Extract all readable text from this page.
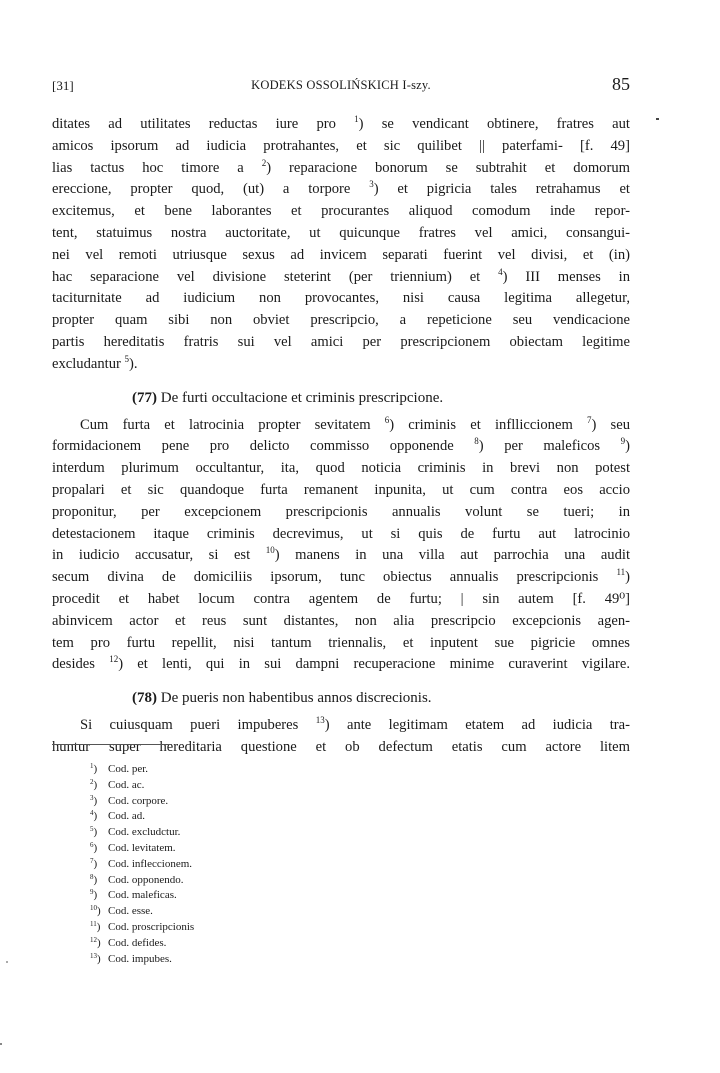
[31]	KODEKS OSSOLIŃSKICH I-szy.	85
ditates ad utilitates reductas iure pro $^1$) se vendicant obtinere, fratres aut
amicos ipsorum ad iudicia protrahantes, et sic quilibet || paterfami- [f. 49]
lias tactus hoc timore a $^2$) reparacione bonorum se subtrahit et domorum
ereccione, propter quod, (ut) a torpore $^3$) et pigricia tales retrahamus et
excitemus, et bene laborantes et procurantes aliquod comodum inde repor-
tent, statuimus nostra auctoritate, ut quicunque fratres vel amici, consangui-
nei vel remoti utriusque sexus ad invicem separati fuerint vel divisi, et (in)
hac separacione vel divisione steterint (per triennium) et $^4$) III menses in
taciturnitate ad iudicium non provocantes, nisi causa legitima allegetur,
propter quam sibi non obviet prescripcio, a repeticione seu vendicacione
partis hereditatis fratris sui vel amici per prescripcionem obiectam legitime
excludantur $^5$).
(77) De furti occultacione et criminis prescripcione.
Cum furta et latrocinia propter sevitatem $^6$) criminis et inflliccionem $^7$) seu
formidacionem pene pro delicto commisso opponende $^8$) per maleficos $^9$)
interdum plurimum occultantur, ita, quod noticia criminis in brevi non potest
propalari et sic quandoque furta remanent inpunita, ut cum contra eos accio
proponitur, per excepcionem prescripcionis annualis volunt se tueri; in
detestacionem itaque criminis decrevimus, ut si quis de furtu aut latrocinio
in iudicio accusatur, si est $^{10}$) manens in una villa aut parrochia una audit
secum divina de domiciliis ipsorum, tunc obiectus annualis prescripcionis $^{11}$)
procedit et habet locum contra agentem de furtu; | sin autem [f. 49⁰]
abinvicem actor et reus sunt distantes, non alia prescripcio excepcionis agen-
tem pro furtu repellit, nisi tantum triennalis, et inputent sue pigricie omnes
desides $^{12}$) et lenti, qui in sui dampni recuperacione minime curaverint vigilare.
(78) De pueris non habentibus annos discrecionis.
Si cuiusquam pueri impuberes $^{13}$) ante legitimam etatem ad iudicia tra-
huntur super hereditaria questione et ob defectum etatis cum actore litem
$^1$) Cod. per.
$^2$) Cod. ac.
$^3$) Cod. corpore.
$^4$) Cod. ad.
$^5$) Cod. excludctur.
$^6$) Cod. levitatem.
$^7$) Cod. infleccionem.
$^8$) Cod. opponendo.
$^9$) Cod. maleficas.
$^{10}$) Cod. esse.
$^{11}$) Cod. proscripcionis
$^{12}$) Cod. defides.
$^{13}$) Cod. impubes.
